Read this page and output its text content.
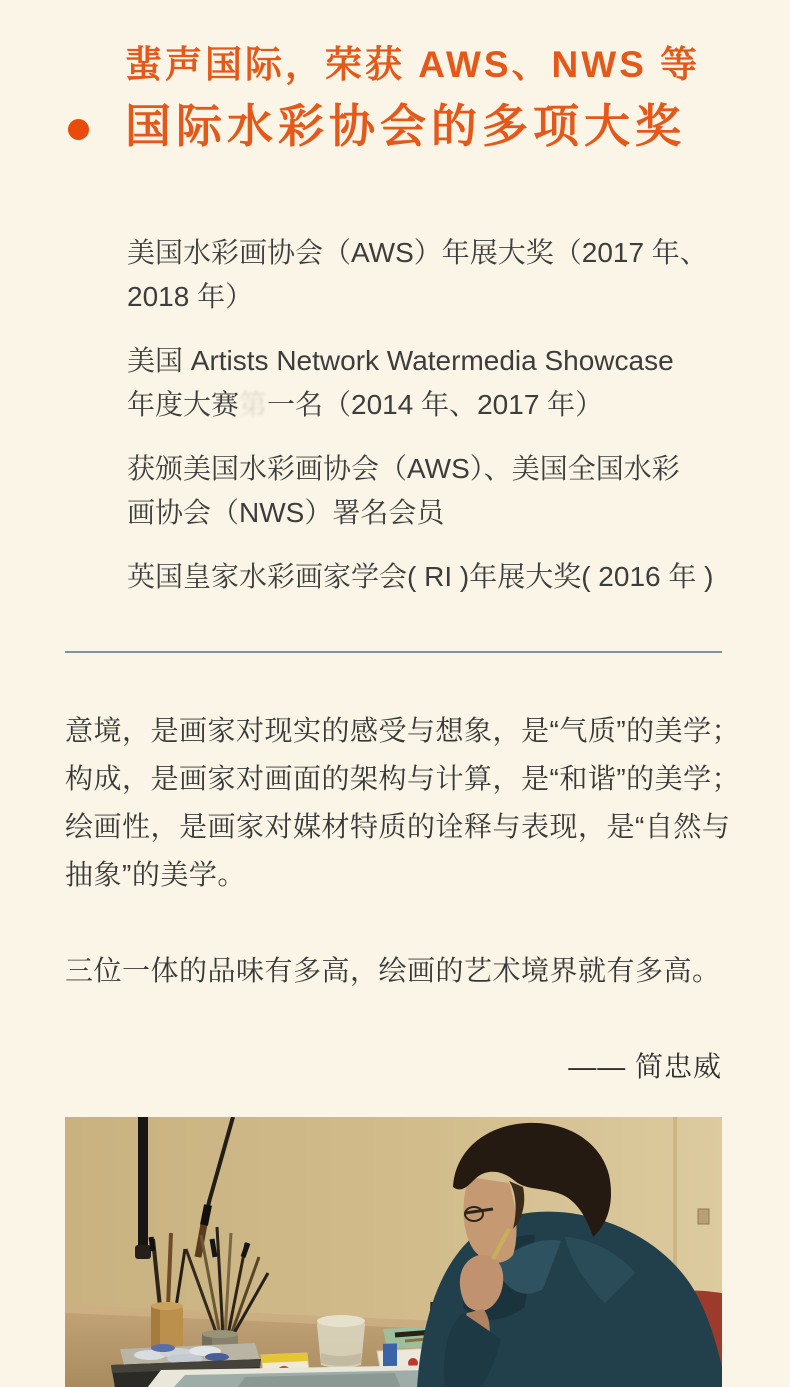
蜚声国际，荣获 AWS、NWS 等
国际水彩协会的多项大奖
美国水彩画协会（AWS）年展大奖（2017 年、
2018 年）
美国 Artists Network Watermedia Showcase
年度大赛第一名（2014 年、2017 年）
获颁美国水彩画协会（AWS）、美国全国水彩
画协会（NWS）署名会员
英国皇家水彩画家学会( RI )年展大奖( 2016 年 )
意境，是画家对现实的感受与想象，是“气质”的美学；
构成，是画家对画面的架构与计算，是“和谐”的美学；
绘画性，是画家对媒材特质的诠释与表现，是“自然与
抽象”的美学。
三位一体的品味有多高，绘画的艺术境界就有多高。
—— 简忠威
